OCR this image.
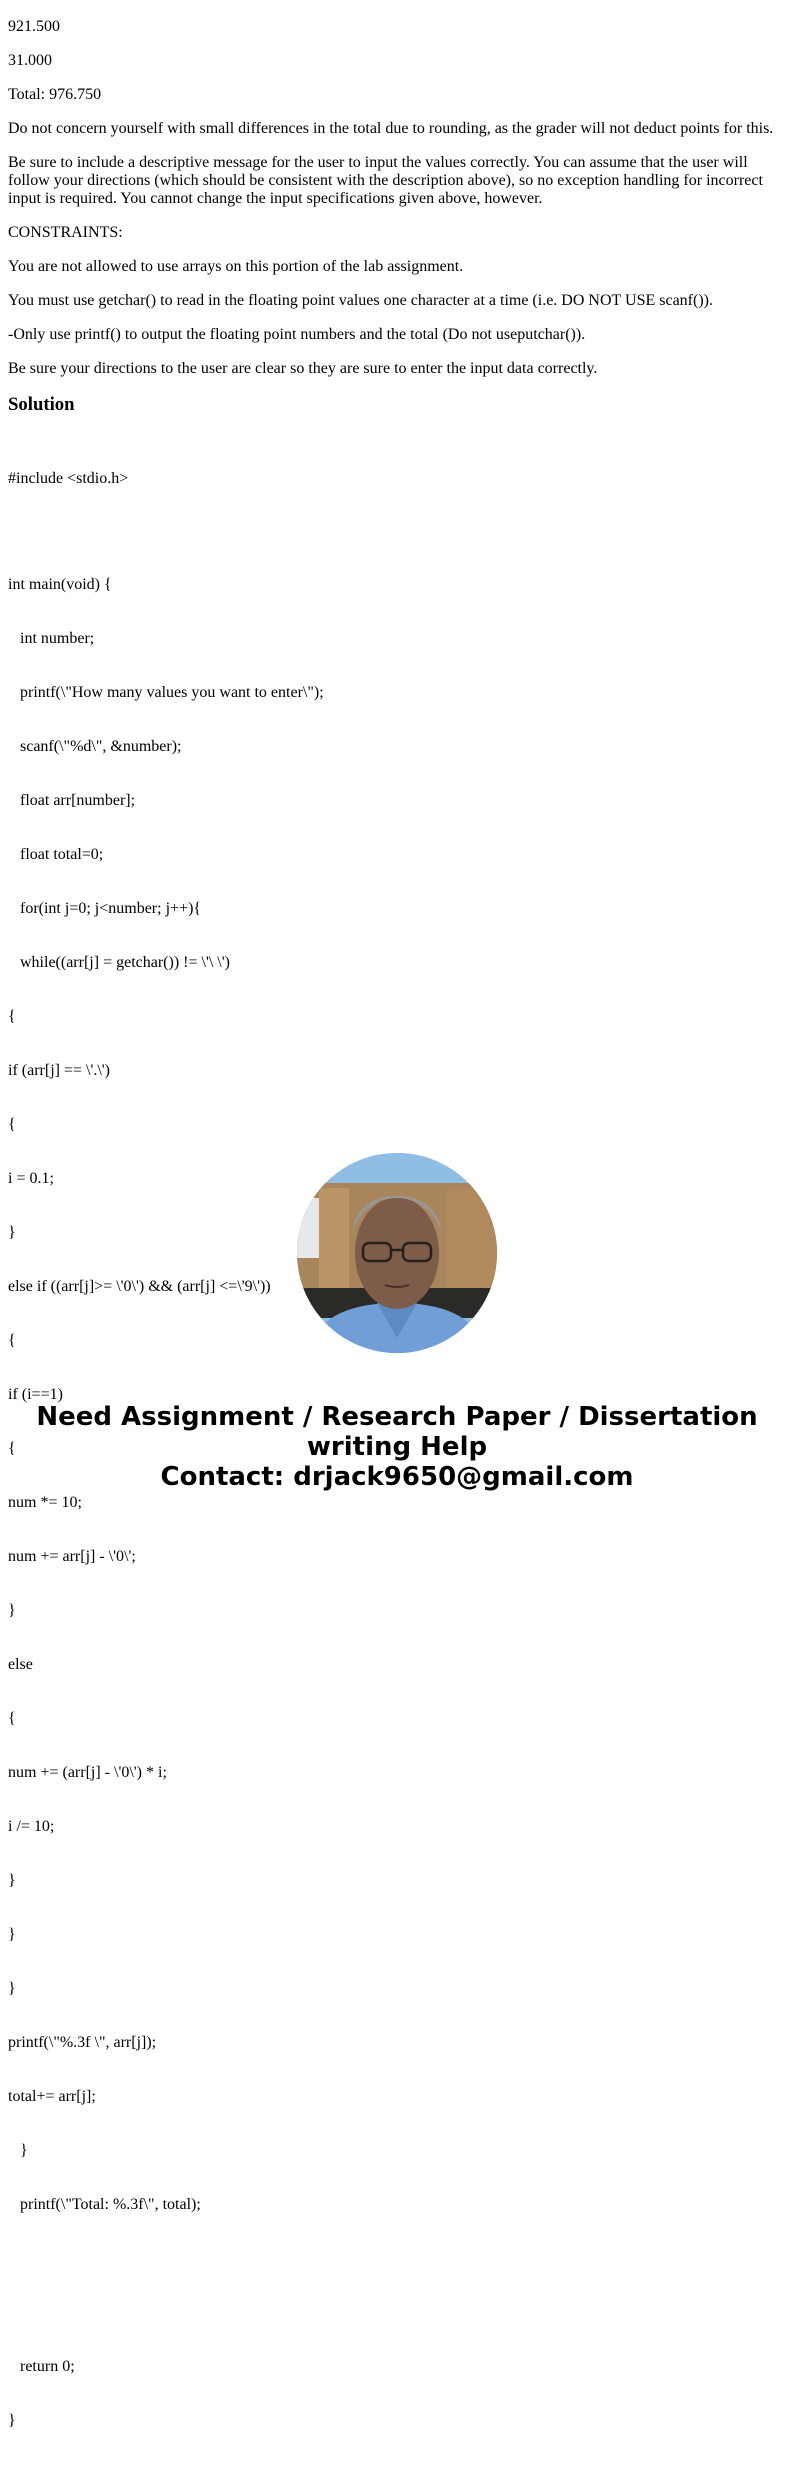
921.500

31.000

Total: 976.750

Do not concern yourself with small differences in the total due to rounding, as the grader will not deduct points for this.

Be sure to include a descriptive message for the user to input the values correctly. You can assume that the user will follow your directions (which should be consistent with the description above), so no exception handling for incorrect input is required. You cannot change the input specifications given above, however.

CONSTRAINTS:

You are not allowed to use arrays on this portion of the lab assignment.

You must use getchar() to read in the floating point values one character at a time (i.e. DO NOT USE scanf()).

-Only use printf() to output the floating point numbers and the total (Do not useputchar()).

Be sure your directions to the user are clear so they are sure to enter the input data correctly.

Solution

#include <stdio.h>

int main(void) {

int number;

printf(\"How many values you want to enter\");

scanf(\"%d\", &number);

float arr[number];

float total=0;

for(int j=0; j<number; j++){

while((arr[j] = getchar()) != \'\ \')

{

if (arr[j] == \'.\')

{

i = 0.1;

}

else if ((arr[j]>= \'0\') && (arr[j] <=\'9\'))

{

if (i==1)

{

num *= 10;

num += arr[j] - \'0\';

}

else

{

num += (arr[j] - \'0\') * i;

i /= 10;

}

}

}

printf(\"%.3f \", arr[j]);

total+= arr[j];

}

printf(\"Total: %.3f\", total);

return 0;

}

Need Assignment / Research Paper / Dissertation
writing Help
Contact: drjack9650@gmail.com
